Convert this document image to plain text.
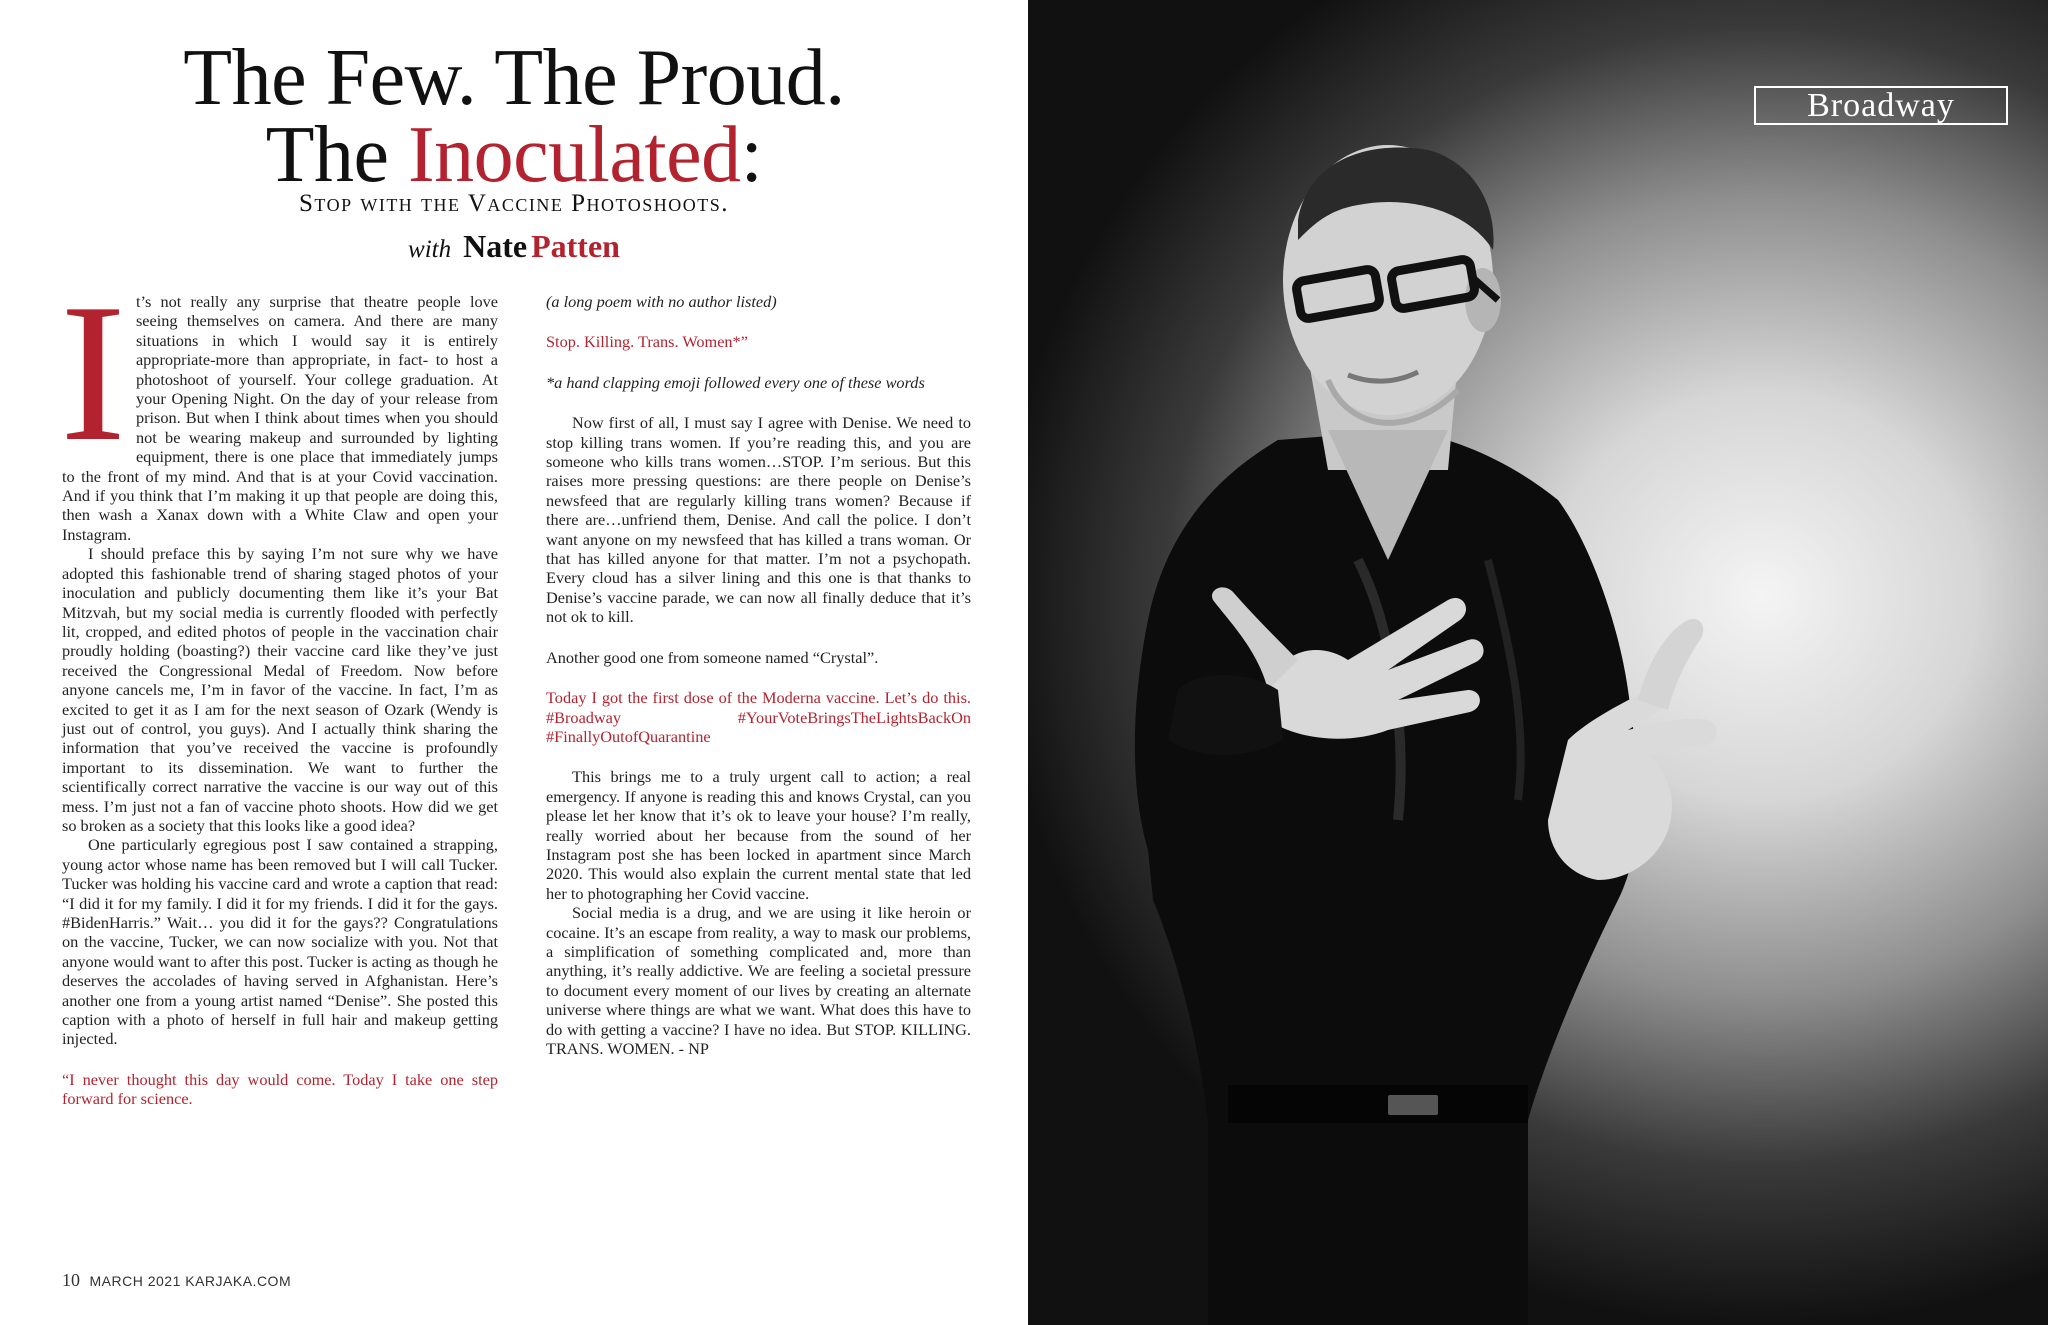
The Few. The Proud.
The Inoculated:
Stop with the Vaccine Photoshoots.
with Nate Patten
I t’s not really any surprise that theatre people love seeing themselves on camera. And there are many situations in which I would say it is entirely appropriate-more than appropriate, in fact- to host a photoshoot of yourself. Your college graduation. At your Opening Night. On the day of your release from prison. But when I think about times when you should not be wearing makeup and surrounded by lighting equipment, there is one place that immediately jumps to the front of my mind. And that is at your Covid vaccination. And if you think that I’m making it up that people are doing this, then wash a Xanax down with a White Claw and open your Instagram.

I should preface this by saying I’m not sure why we have adopted this fashionable trend of sharing staged photos of your inoculation and publicly documenting them like it’s your Bat Mitzvah, but my social media is currently flooded with perfectly lit, cropped, and edited photos of people in the vaccination chair proudly holding (boasting?) their vaccine card like they’ve just received the Congressional Medal of Freedom. Now before anyone cancels me, I’m in favor of the vaccine. In fact, I’m as excited to get it as I am for the next season of Ozark (Wendy is just out of control, you guys). And I actually think sharing the information that you’ve received the vaccine is profoundly important to its dissemination. We want to further the scientifically correct narrative the vaccine is our way out of this mess. I’m just not a fan of vaccine photo shoots. How did we get so broken as a society that this looks like a good idea?

One particularly egregious post I saw contained a strapping, young actor whose name has been removed but I will call Tucker. Tucker was holding his vaccine card and wrote a caption that read: “I did it for my family. I did it for my friends. I did it for the gays. #BidenHarris.” Wait… you did it for the gays?? Congratulations on the vaccine, Tucker, we can now socialize with you. Not that anyone would want to after this post. Tucker is acting as though he deserves the accolades of having served in Afghanistan. Here’s another one from a young artist named “Denise”. She posted this caption with a photo of herself in full hair and makeup getting injected.

“I never thought this day would come. Today I take one step forward for science.

(a long poem with no author listed)

Stop. Killing. Trans. Women*”

*a hand clapping emoji followed every one of these words

Now first of all, I must say I agree with Denise. We need to stop killing trans women. If you’re reading this, and you are someone who kills trans women…STOP. I’m serious. But this raises more pressing questions: are there people on Denise’s newsfeed that are regularly killing trans women? Because if there are…unfriend them, Denise. And call the police. I don’t want anyone on my newsfeed that has killed a trans woman. Or that has killed anyone for that matter. I’m not a psychopath. Every cloud has a silver lining and this one is that thanks to Denise’s vaccine parade, we can now all finally deduce that it’s not ok to kill.

Another good one from someone named “Crystal”.

Today I got the first dose of the Moderna vaccine. Let’s do this. #Broadway #YourVoteBringsTheLightsBackOn #FinallyOutofQuarantine

This brings me to a truly urgent call to action; a real emergency. If anyone is reading this and knows Crystal, can you please let her know that it’s ok to leave your house? I’m really, really worried about her because from the sound of her Instagram post she has been locked in apartment since March 2020. This would also explain the current mental state that led her to photographing her Covid vaccine.

Social media is a drug, and we are using it like heroin or cocaine. It’s an escape from reality, a way to mask our problems, a simplification of something complicated and, more than anything, it’s really addictive. We are feeling a societal pressure to document every moment of our lives by creating an alternate universe where things are what we want. What does this have to do with getting a vaccine? I have no idea. But STOP. KILLING. TRANS. WOMEN. - NP

10 MARCH 2021 KARJAKA.COM
Broadway
